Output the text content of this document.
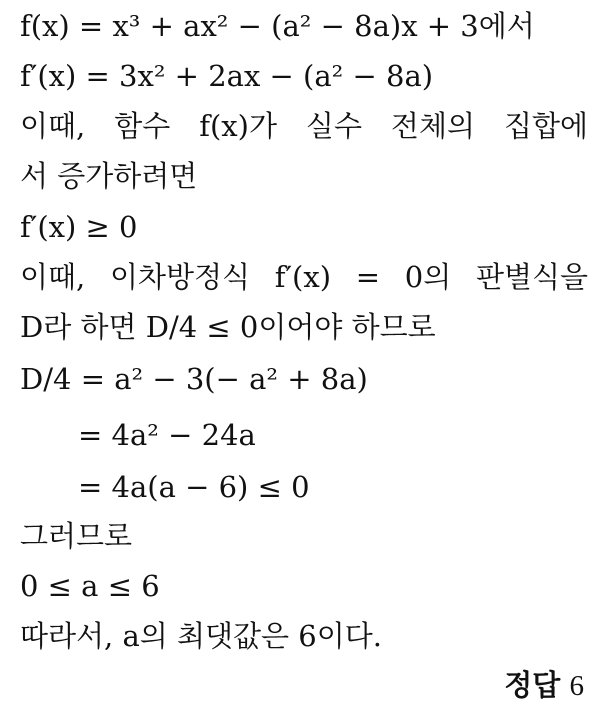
f(x) = x³ + ax² − (a² − 8a)x + 3에서
f′(x) = 3x² + 2ax − (a² − 8a)
이때, 함수 f(x)가 실수 전체의 집합에
서 증가하려면
f′(x) ≥ 0
이때, 이차방정식 f′(x) = 0의 판별식을
D라 하면 D/4 ≤ 0이어야 하므로
D/4 = a² − 3(− a² + 8a)
= 4a² − 24a
= 4a(a − 6) ≤ 0
그러므로
0 ≤ a ≤ 6
따라서, a의 최댓값은 6이다.
정답 6
